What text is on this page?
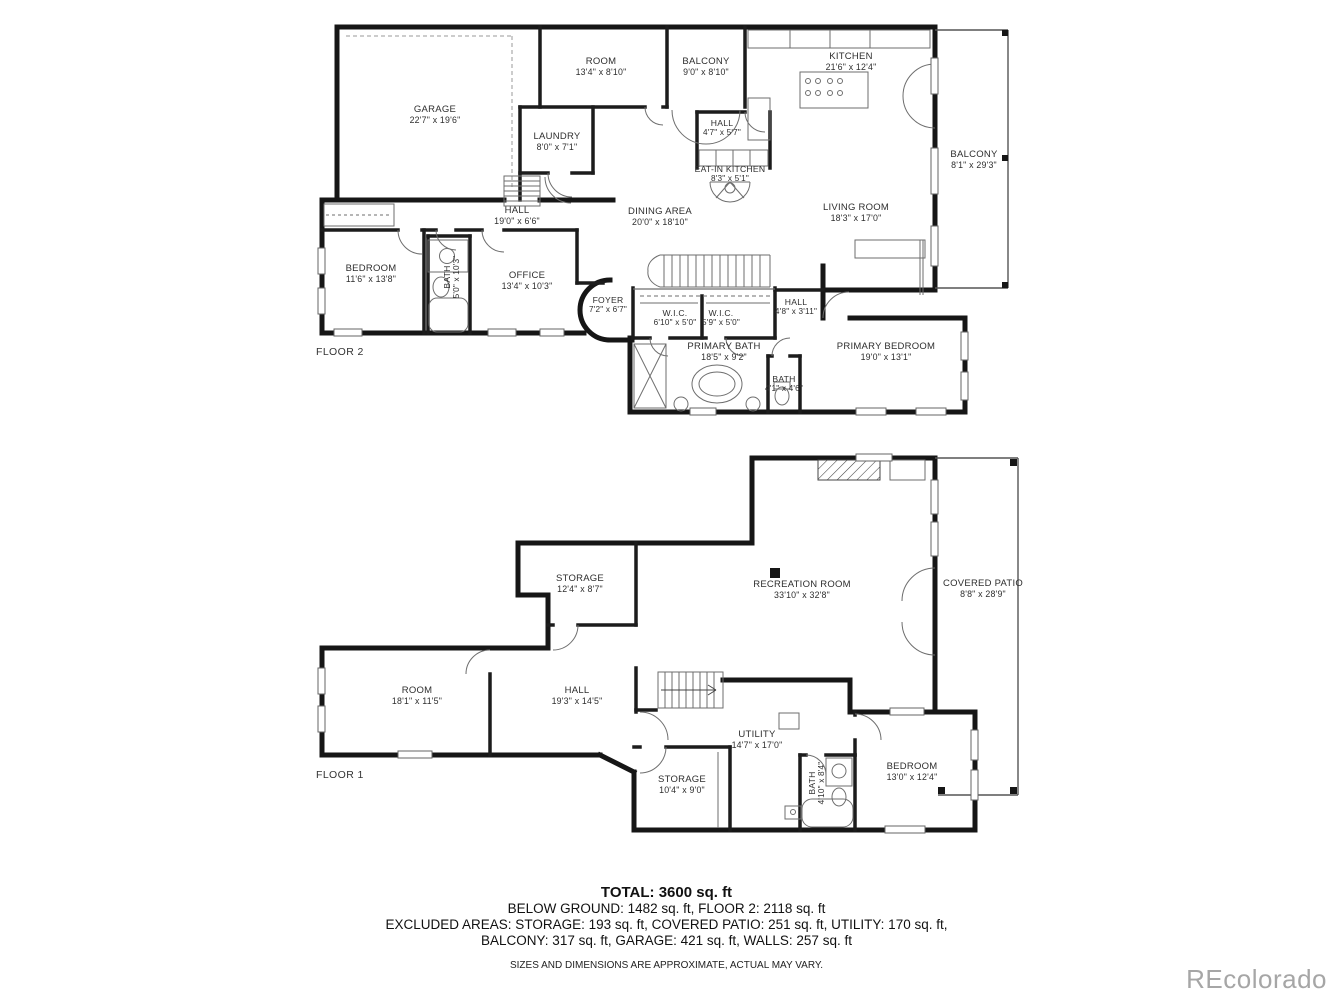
GARAGE
22'7" x 19'6"
ROOM
13'4" x 8'10"
BALCONY
9'0" x 8'10"
KITCHEN
21'6" x 12'4"
LAUNDRY
8'0" x 7'1"
HALL
4'7" x 5'7"
EAT-IN KITCHEN
8'3" x 5'1"
BALCONY
8'1" x 29'3"
HALL
19'0" x 6'6"
DINING AREA
20'0" x 18'10"
LIVING ROOM
18'3" x 17'0"
BEDROOM
11'6" x 13'8"	BATH 5'0" x 10'3"	OFFICE
13'4" x 10'3"
FOYER
7'2" x 6'7"	W.I.C.
6'10" x 5'0"
W.I.C.
5'9" x 5'0"
HALL
4'8" x 3'11"
PRIMARY BATH
18'5" x 9'2"
PRIMARY BEDROOM
19'0" x 13'1"
BATH
4'1" x 4'6"
FLOOR 2
STORAGE
12'4" x 8'7"	RECREATION ROOM
33'10" x 32'8"
COVERED PATIO
8'8" x 28'9"
ROOM
18'1" x 11'5"
HALL
19'3" x 14'5"
UTILITY
14'7" x 17'0"
STORAGE
10'4" x 9'0"	BATH 4'10" x 8'4"	BEDROOM
13'0" x 12'4"
FLOOR 1
TOTAL: 3600 sq. ft
BELOW GROUND: 1482 sq. ft, FLOOR 2: 2118 sq. ft
EXCLUDED AREAS: STORAGE: 193 sq. ft, COVERED PATIO: 251 sq. ft, UTILITY: 170 sq. ft,
BALCONY: 317 sq. ft, GARAGE: 421 sq. ft, WALLS: 257 sq. ft
SIZES AND DIMENSIONS ARE APPROXIMATE, ACTUAL MAY VARY.	REcolorado
